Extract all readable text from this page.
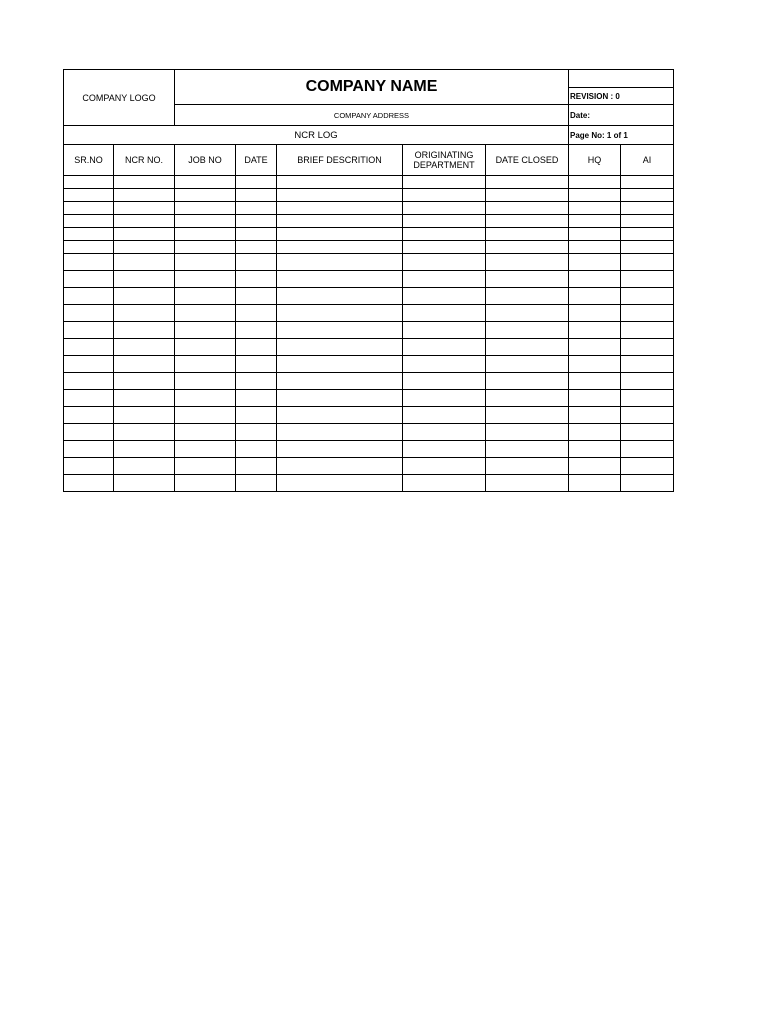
COMPANY LOGO	COMPANY NAME	
		REVISION : 0
	COMPANY ADDRESS	Date:
NCR LOG		Page No: 1 of 1
SR.NO	NCR NO.	JOB NO	DATE	BRIEF DESCRITION	ORIGINATING DEPARTMENT	DATE CLOSED	HQ	AI
